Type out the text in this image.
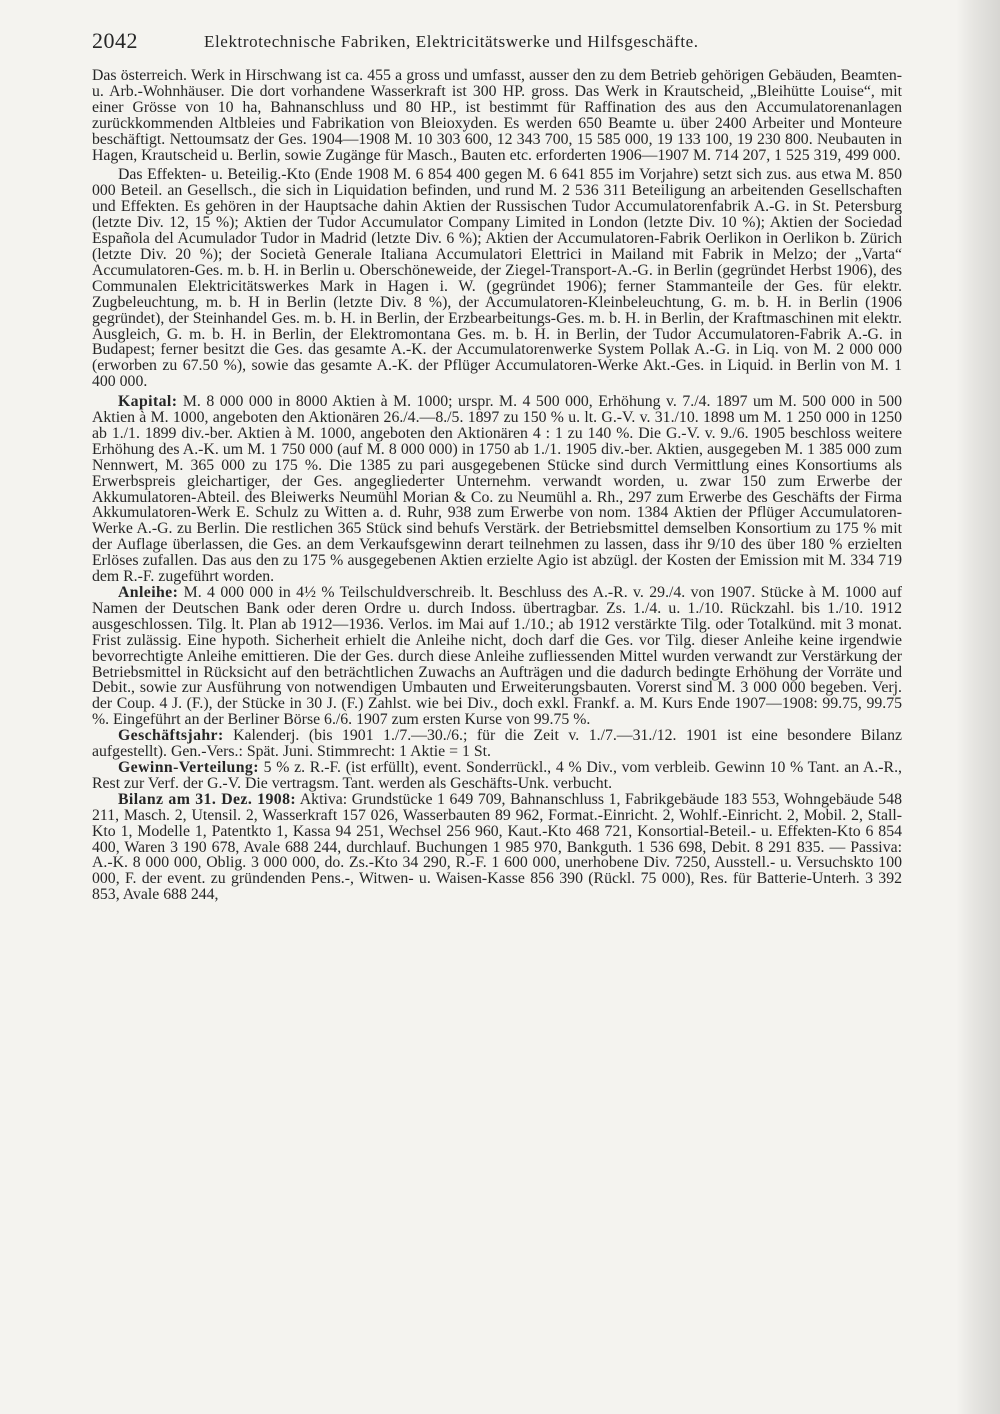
2042	Elektrotechnische Fabriken, Elektricitätswerke und Hilfsgeschäfte.

Das österreich. Werk in Hirschwang ist ca. 455 a gross und umfasst, ausser den zu dem Betrieb gehörigen Gebäuden, Beamten- u. Arb.-Wohnhäuser. Die dort vorhandene Wasserkraft ist 300 HP. gross. Das Werk in Krautscheid, „Bleihütte Louise“, mit einer Grösse von 10 ha, Bahnanschluss und 80 HP., ist bestimmt für Raffination des aus den Accumulatorenanlagen zurückkommenden Altbleies und Fabrikation von Bleioxyden. Es werden 650 Beamte u. über 2400 Arbeiter und Monteure beschäftigt. Nettoumsatz der Ges. 1904—1908 M. 10 303 600, 12 343 700, 15 585 000, 19 133 100, 19 230 800. Neubauten in Hagen, Krautscheid u. Berlin, sowie Zugänge für Masch., Bauten etc. erforderten 1906—1907 M. 714 207, 1 525 319, 499 000.

Das Effekten- u. Beteilig.-Kto (Ende 1908 M. 6 854 400 gegen M. 6 641 855 im Vorjahre) setzt sich zus. aus etwa M. 850 000 Beteil. an Gesellsch., die sich in Liquidation befinden, und rund M. 2 536 311 Beteiligung an arbeitenden Gesellschaften und Effekten. Es gehören in der Hauptsache dahin Aktien der Russischen Tudor Accumulatorenfabrik A.-G. in St. Petersburg (letzte Div. 12, 15 %); Aktien der Tudor Accumulator Company Limited in London (letzte Div. 10 %); Aktien der Sociedad Española del Acumulador Tudor in Madrid (letzte Div. 6 %); Aktien der Accumulatoren-Fabrik Oerlikon in Oerlikon b. Zürich (letzte Div. 20 %); der Società Generale Italiana Accumulatori Elettrici in Mailand mit Fabrik in Melzo; der „Varta“ Accumulatoren-Ges. m. b. H. in Berlin u. Oberschöneweide, der Ziegel-Transport-A.-G. in Berlin (gegründet Herbst 1906), des Communalen Elektricitätswerkes Mark in Hagen i. W. (gegründet 1906); ferner Stammanteile der Ges. für elektr. Zugbeleuchtung, m. b. H in Berlin (letzte Div. 8 %), der Accumulatoren-Kleinbeleuchtung, G. m. b. H. in Berlin (1906 gegründet), der Steinhandel Ges. m. b. H. in Berlin, der Erzbearbeitungs-Ges. m. b. H. in Berlin, der Kraftmaschinen mit elektr. Ausgleich, G. m. b. H. in Berlin, der Elektromontana Ges. m. b. H. in Berlin, der Tudor Accumulatoren-Fabrik A.-G. in Budapest; ferner besitzt die Ges. das gesamte A.-K. der Accumulatorenwerke System Pollak A.-G. in Liq. von M. 2 000 000 (erworben zu 67.50 %), sowie das gesamte A.-K. der Pflüger Accumulatoren-Werke Akt.-Ges. in Liquid. in Berlin von M. 1 400 000.

Kapital: M. 8 000 000 in 8000 Aktien à M. 1000; urspr. M. 4 500 000, Erhöhung v. 7./4. 1897 um M. 500 000 in 500 Aktien à M. 1000, angeboten den Aktionären 26./4.—8./5. 1897 zu 150 % u. lt. G.-V. v. 31./10. 1898 um M. 1 250 000 in 1250 ab 1./1. 1899 div.-ber. Aktien à M. 1000, angeboten den Aktionären 4 : 1 zu 140 %. Die G.-V. v. 9./6. 1905 beschloss weitere Erhöhung des A.-K. um M. 1 750 000 (auf M. 8 000 000) in 1750 ab 1./1. 1905 div.-ber. Aktien, ausgegeben M. 1 385 000 zum Nennwert, M. 365 000 zu 175 %. Die 1385 zu pari ausgegebenen Stücke sind durch Vermittlung eines Konsortiums als Erwerbspreis gleichartiger, der Ges. angegliederter Unternehm. verwandt worden, u. zwar 150 zum Erwerbe der Akkumulatoren-Abteil. des Bleiwerks Neumühl Morian & Co. zu Neumühl a. Rh., 297 zum Erwerbe des Geschäfts der Firma Akkumulatoren-Werk E. Schulz zu Witten a. d. Ruhr, 938 zum Erwerbe von nom. 1384 Aktien der Pflüger Accumulatoren-Werke A.-G. zu Berlin. Die restlichen 365 Stück sind behufs Verstärk. der Betriebsmittel demselben Konsortium zu 175 % mit der Auflage überlassen, die Ges. an dem Verkaufsgewinn derart teilnehmen zu lassen, dass ihr 9/10 des über 180 % erzielten Erlöses zufallen. Das aus den zu 175 % ausgegebenen Aktien erzielte Agio ist abzügl. der Kosten der Emission mit M. 334 719 dem R.-F. zugeführt worden.

Anleihe: M. 4 000 000 in 4½ % Teilschuldverschreib. lt. Beschluss des A.-R. v. 29./4. von 1907. Stücke à M. 1000 auf Namen der Deutschen Bank oder deren Ordre u. durch Indoss. übertragbar. Zs. 1./4. u. 1./10. Rückzahl. bis 1./10. 1912 ausgeschlossen. Tilg. lt. Plan ab 1912—1936. Verlos. im Mai auf 1./10.; ab 1912 verstärkte Tilg. oder Totalkünd. mit 3 monat. Frist zulässig. Eine hypoth. Sicherheit erhielt die Anleihe nicht, doch darf die Ges. vor Tilg. dieser Anleihe keine irgendwie bevorrechtigte Anleihe emittieren. Die der Ges. durch diese Anleihe zufliessenden Mittel wurden verwandt zur Verstärkung der Betriebsmittel in Rücksicht auf den beträchtlichen Zuwachs an Aufträgen und die dadurch bedingte Erhöhung der Vorräte und Debit., sowie zur Ausführung von notwendigen Umbauten und Erweiterungsbauten. Vorerst sind M. 3 000 000 begeben. Verj. der Coup. 4 J. (F.), der Stücke in 30 J. (F.) Zahlst. wie bei Div., doch exkl. Frankf. a. M. Kurs Ende 1907—1908: 99.75, 99.75 %. Eingeführt an der Berliner Börse 6./6. 1907 zum ersten Kurse von 99.75 %.

Geschäftsjahr: Kalenderj. (bis 1901 1./7.—30./6.; für die Zeit v. 1./7.—31./12. 1901 ist eine besondere Bilanz aufgestellt). Gen.-Vers.: Spät. Juni. Stimmrecht: 1 Aktie = 1 St.

Gewinn-Verteilung: 5 % z. R.-F. (ist erfüllt), event. Sonderrückl., 4 % Div., vom verbleib. Gewinn 10 % Tant. an A.-R., Rest zur Verf. der G.-V. Die vertragsm. Tant. werden als Geschäfts-Unk. verbucht.

Bilanz am 31. Dez. 1908: Aktiva: Grundstücke 1 649 709, Bahnanschluss 1, Fabrikgebäude 183 553, Wohngebäude 548 211, Masch. 2, Utensil. 2, Wasserkraft 157 026, Wasserbauten 89 962, Format.-Einricht. 2, Wohlf.-Einricht. 2, Mobil. 2, Stall-Kto 1, Modelle 1, Patentkto 1, Kassa 94 251, Wechsel 256 960, Kaut.-Kto 468 721, Konsortial-Beteil.- u. Effekten-Kto 6 854 400, Waren 3 190 678, Avale 688 244, durchlauf. Buchungen 1 985 970, Bankguth. 1 536 698, Debit. 8 291 835. — Passiva: A.-K. 8 000 000, Oblig. 3 000 000, do. Zs.-Kto 34 290, R.-F. 1 600 000, unerhobene Div. 7250, Ausstell.- u. Versuchskto 100 000, F. der event. zu gründenden Pens.-, Witwen- u. Waisen-Kasse 856 390 (Rückl. 75 000), Res. für Batterie-Unterh. 3 392 853, Avale 688 244,
